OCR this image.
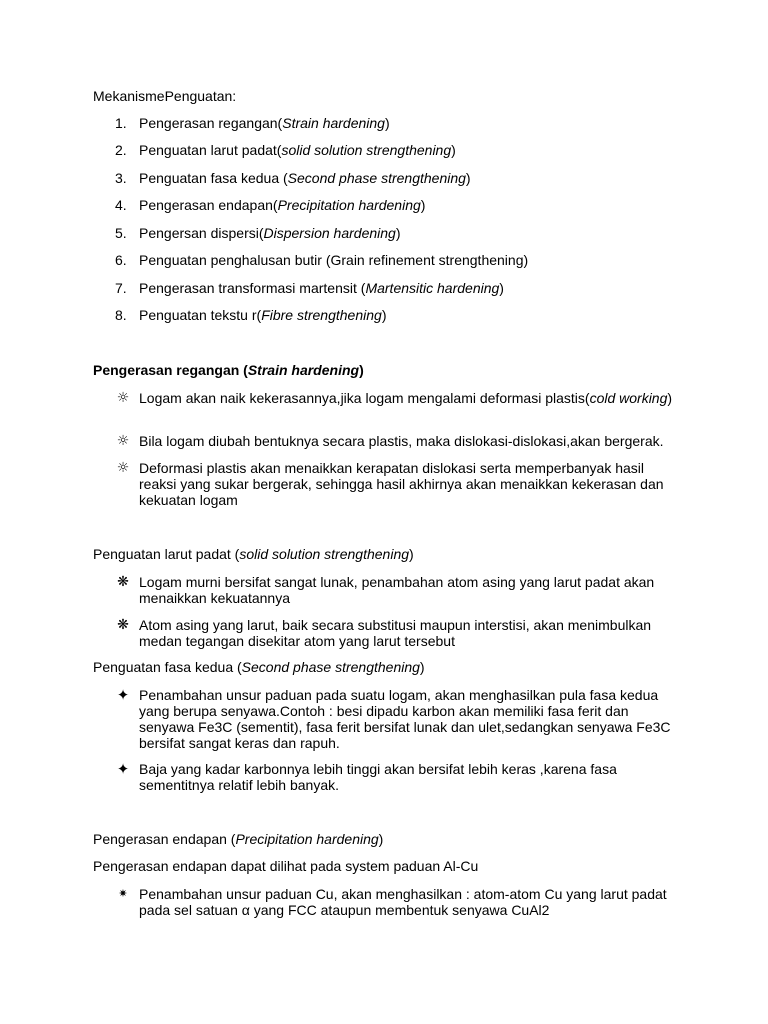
MekanismePenguatan:
1. Pengerasan regangan(Strain hardening)
2. Penguatan larut padat(solid solution strengthening)
3. Penguatan fasa kedua (Second phase strengthening)
4. Pengerasan endapan(Precipitation hardening)
5. Pengersan dispersi(Dispersion hardening)
6. Penguatan penghalusan butir (Grain refinement strengthening)
7. Pengerasan transformasi martensit (Martensitic hardening)
8. Penguatan tekstu r(Fibre strengthening)
Pengerasan regangan (Strain hardening)
☼ Logam akan naik kekerasannya,jika logam mengalami deformasi plastis(cold working)
☼ Bila logam diubah bentuknya secara plastis, maka dislokasi-dislokasi,akan bergerak.
☼ Deformasi plastis akan menaikkan kerapatan dislokasi serta memperbanyak hasil reaksi yang sukar bergerak, sehingga hasil akhirnya akan menaikkan kekerasan dan kekuatan logam
Penguatan larut padat (solid solution strengthening)
❋ Logam murni bersifat sangat lunak, penambahan atom asing yang larut padat akan menaikkan kekuatannya
❋ Atom asing yang larut, baik secara substitusi maupun interstisi, akan menimbulkan medan tegangan disekitar atom yang larut tersebut
Penguatan fasa kedua (Second phase strengthening)
✦ Penambahan unsur paduan pada suatu logam, akan menghasilkan pula fasa kedua yang berupa senyawa.Contoh : besi dipadu karbon akan memiliki fasa ferit dan senyawa Fe3C (sementit), fasa ferit bersifat lunak dan ulet,sedangkan senyawa Fe3C bersifat sangat keras dan rapuh.
✦ Baja yang kadar karbonnya lebih tinggi akan bersifat lebih keras ,karena fasa sementitnya relatif lebih banyak.
Pengerasan endapan (Precipitation hardening)
Pengerasan endapan dapat dilihat pada system paduan Al-Cu
✷ Penambahan unsur paduan Cu, akan menghasilkan : atom-atom Cu yang larut padat pada sel satuan α yang FCC ataupun membentuk senyawa CuAl2
